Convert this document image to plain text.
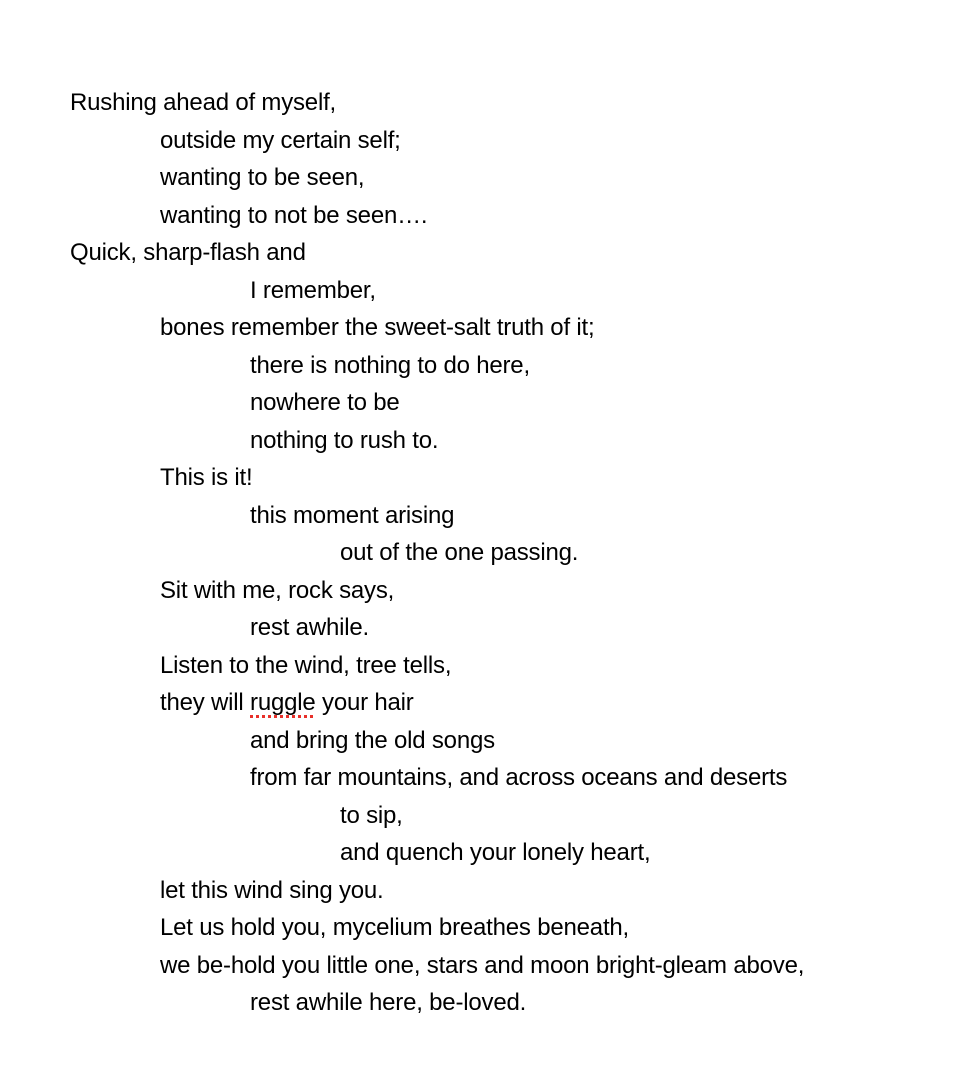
Rushing ahead of myself,
outside my certain self;
wanting to be seen,
wanting to not be seen….
Quick, sharp-flash and
I remember,
bones remember the sweet-salt truth of it;
there is nothing to do here,
nowhere to be
nothing to rush to.
This is it!
this moment arising
out of the one passing.
Sit with me, rock says,
rest awhile.
Listen to the wind, tree tells,
they will ruggle your hair
and bring the old songs
from far mountains, and across oceans and deserts
to sip,
and quench your lonely heart,
let this wind sing you.
Let us hold you, mycelium breathes beneath,
we be-hold you little one, stars and moon bright-gleam above,
rest awhile here, be-loved.
